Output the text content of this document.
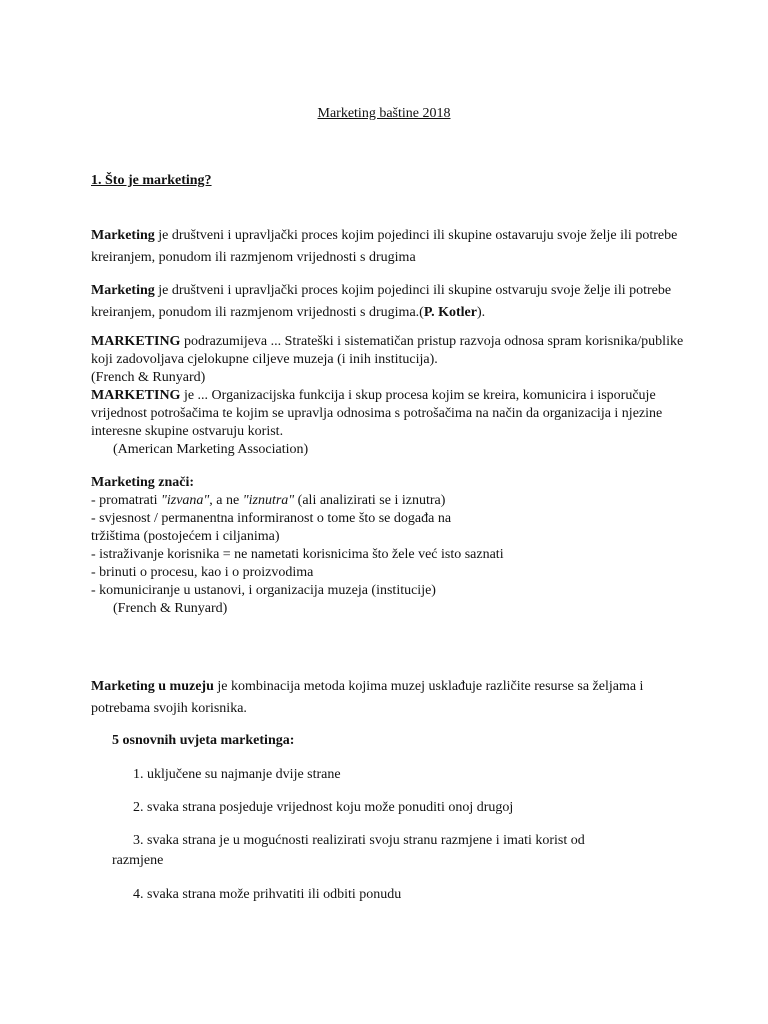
Marketing baštine 2018
1. Što je marketing?
Marketing je društveni i upravljački proces kojim pojedinci ili skupine ostavaruju svoje želje ili potrebe kreiranjem, ponudom ili razmjenom vrijednosti s drugima
Marketing je društveni i upravljački proces kojim pojedinci ili skupine ostvaruju svoje želje ili potrebe kreiranjem, ponudom ili razmjenom vrijednosti s drugima.(P. Kotler).
MARKETING podrazumijeva ... Strateški i sistematičan pristup razvoja odnosa spram korisnika/publike koji zadovoljava cjelokupne ciljeve muzeja (i inih institucija).
(French & Runyard)
MARKETING je ... Organizacijska funkcija i skup procesa kojim se kreira, komunicira i isporučuje vrijednost potrošačima te kojim se upravlja odnosima s potrošačima na način da organizacija i njezine interesne skupine ostvaruju korist.
(American Marketing Association)
Marketing znači:
- promatrati "izvana", a ne "iznutra" (ali analizirati se i iznutra)
- svjesnost / permanentna informiranost o tome što se događa na tržištima (postojećem i ciljanima)
- istraživanje korisnika = ne nametati korisnicima što žele već isto saznati
- brinuti o procesu, kao i o proizvodima
- komuniciranje u ustanovi, i organizacija muzeja (institucije)
(French & Runyard)
Marketing u muzeju je kombinacija metoda kojima muzej usklađuje različite resurse sa željama i potrebama svojih korisnika.
5 osnovnih uvjeta marketinga:
1. uključene su najmanje dvije strane
2. svaka strana posjeduje vrijednost koju može ponuditi onoj drugoj
3. svaka strana je u mogućnosti realizirati svoju stranu razmjene i imati korist od
razmjene
4. svaka strana može prihvatiti ili odbiti ponudu
